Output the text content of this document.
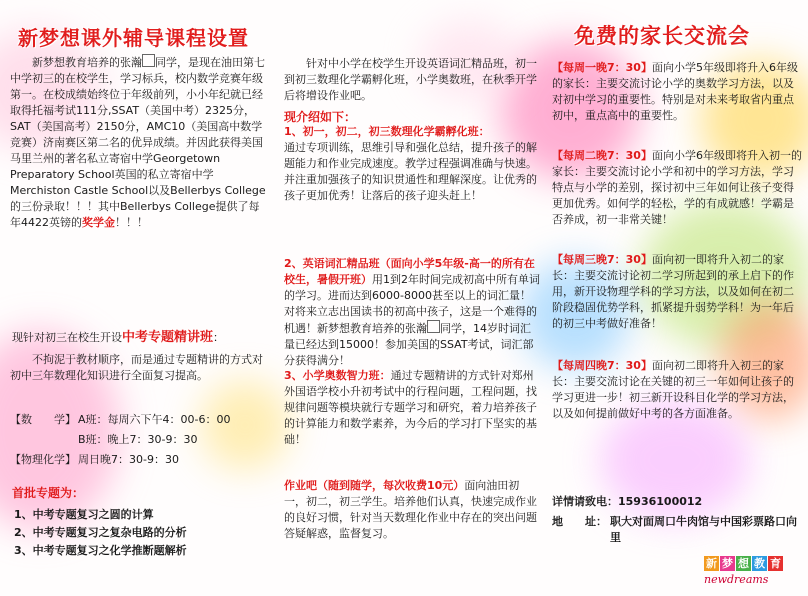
新梦想课外辅导课程设置
新梦想教育培养的张瀚 同学，是现在油田第七中学初三的在校学生，学习标兵，校内数学竞赛年级第一。在校成绩始终位于年级前列，小小年纪就已经取得托福考试111分,SSAT（美国中考）2325分，SAT（美国高考）2150分，AMC10（美国高中数学竞赛）济南赛区第二名的优异成绩。并因此获得美国马里兰州的著名私立寄宿中学Georgetown Preparatory School英国的私立寄宿中学Merchiston Castle School以及Bellerbys College的三份录取！！！其中Bellerbys College提供了每年4422英镑的奖学金！！！
现针对初三在校生开设中考专题精讲班：
不拘泥于教材顺序，而是通过专题精讲的方式对初中三年数理化知识进行全面复习提高。
【数　　学】 A班：每周六下午4：00-6：00
B班：晚上7：30-9：30
【物理化学】 周日晚7：30-9：30
首批专题为：
1、中考专题复习之圆的计算
2、中考专题复习之复杂电路的分析
3、中考专题复习之化学推断题解析
针对中小学在校学生开设英语词汇精品班，初一到初三数理化学霸孵化班，小学奥数班，在秋季开学后将增设作业吧。
现介绍如下：
1、初一，初二，初三数理化学霸孵化班：
通过专项训练，思维引导和强化总结，提升孩子的解题能力和作业完成速度。教学过程强调准确与快速。并注重加强孩子的知识贯通性和理解深度。让优秀的孩子更加优秀！让落后的孩子迎头赶上！
2、英语词汇精品班（面向小学5年级-高一的所有在校生，暑假开班）用1到2年时间完成初高中所有单词的学习。进而达到6000-8000甚至以上的词汇量！对将来立志出国读书的初高中孩子，这是一个难得的机遇！新梦想教育培养的张瀚 同学，14岁时词汇量已经达到15000！参加美国的SSAT考试，词汇部分获得满分！
3、小学奥数智力班：通过专题精讲的方式针对郑州外国语学校小升初考试中的行程问题，工程问题，找规律问题等模块就行专题学习和研究，着力培养孩子的计算能力和数学素养，为今后的学习打下坚实的基础！
作业吧（随到随学，每次收费10元）面向油田初一，初二，初三学生。培养他们认真，快速完成作业的良好习惯，针对当天数理化作业中存在的突出问题答疑解惑，监督复习。
免费的家长交流会
【每周一晚7：30】面向小学5年级即将升入6年级的家长：主要交流讨论小学的奥数学习方法，以及对初中学习的重要性。特别是对未来考取省内重点初中，重点高中的重要性。
【每周二晚7：30】面向小学6年级即将升入初一的家长：主要交流讨论小学和初中的学习方法，学习特点与小学的差别，探讨初中三年如何让孩子变得更加优秀。如何学的轻松，学的有成就感！学霸是否养成，初一非常关键！
【每周三晚7：30】面向初一即将升入初二的家长：主要交流讨论初二学习所起到的承上启下的作用，新开设物理学科的学习方法，以及如何在初二阶段稳固优势学科，抓紧提升弱势学科！为一年后的初三中考做好准备！
【每周四晚7：30】面向初二即将升入初三的家长：主要交流讨论在关键的初三一年如何让孩子的学习更进一步！初三新开设科目化学的学习方法，以及如何提前做好中考的各方面准备。
详情请致电：15936100012
地　　址： 职大对面周口牛肉馆与中国彩票路口向里
新 梦 想 教 育
newdreams
